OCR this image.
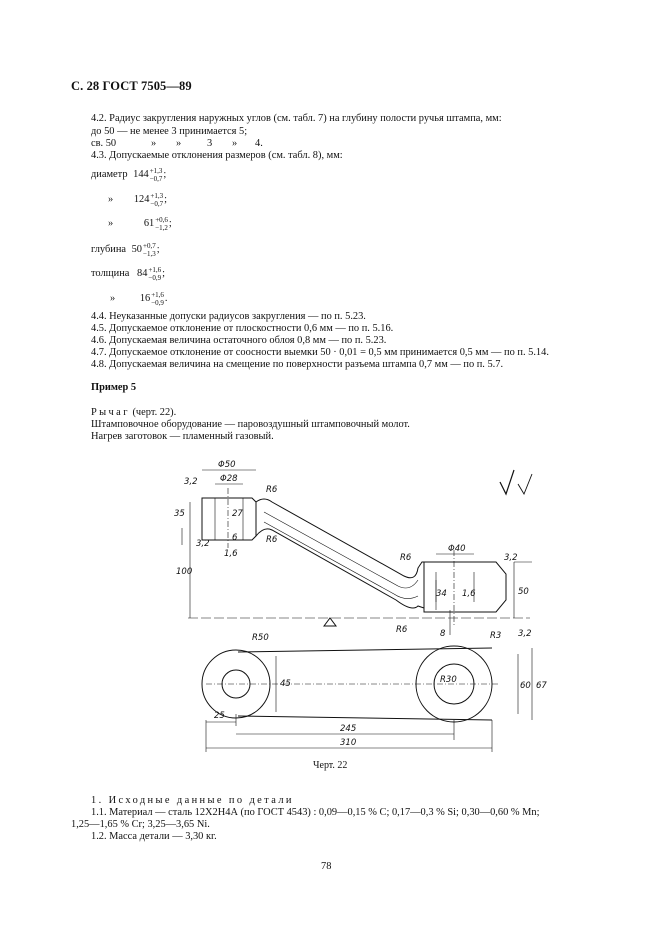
С. 28 ГОСТ 7505—89
4.2. Радиус закругления наружных углов (см. табл. 7) на глубину полости ручья штампа, мм:
до 50 — не менее 3 принимается 5;
св. 50	» » 3 » 4.
4.3. Допускаемые отклонения размеров (см. табл. 8), мм:
диаметр 144 +1,3
−0,7 ;
» 124 +1,3
−0,7 ;
»	61 +0,6
−1,2 ;
глубина 50 +0,7
−1,3 ;
толщина 84 +1,6
−0,9 ;
» 16 +1,6
−0,9 .
4.4. Неуказанные допуски радиусов закругления — по п. 5.23.
4.5. Допускаемое отклонение от плоскостности 0,6 мм — по п. 5.16.
4.6. Допускаемая величина остаточного облоя 0,8 мм — по п. 5.23.
4.7. Допускаемое отклонение от соосности выемки 50 · 0,01 = 0,5 мм принимается 0,5 мм — по п. 5.14.
4.8. Допускаемая величина на смещение по поверхности разъема штампа 0,7 мм — по п. 5.7.
Пример 5
Рычаг (черт. 22).
Штамповочное оборудование — паровоздушный штамповочный молот.
Нагрев заготовок — пламенный газовый.
Φ50
Φ28
Φ40
R6
R6
R6
R6
R50
R30
R3
3,2
3,2
3,2
3,2
35	27
6
1,6
1,6
100
34	50
8
45	60 67
25
245
310
Черт. 22
1. Исходные данные по детали
1.1. Материал — сталь 12Х2Н4А (по ГОСТ 4543) : 0,09—0,15 % С; 0,17—0,3 % Si; 0,30—0,60 % Mn;
1,25—1,65 % Cr; 3,25—3,65 Ni.
1.2. Масса детали — 3,30 кг.
78
